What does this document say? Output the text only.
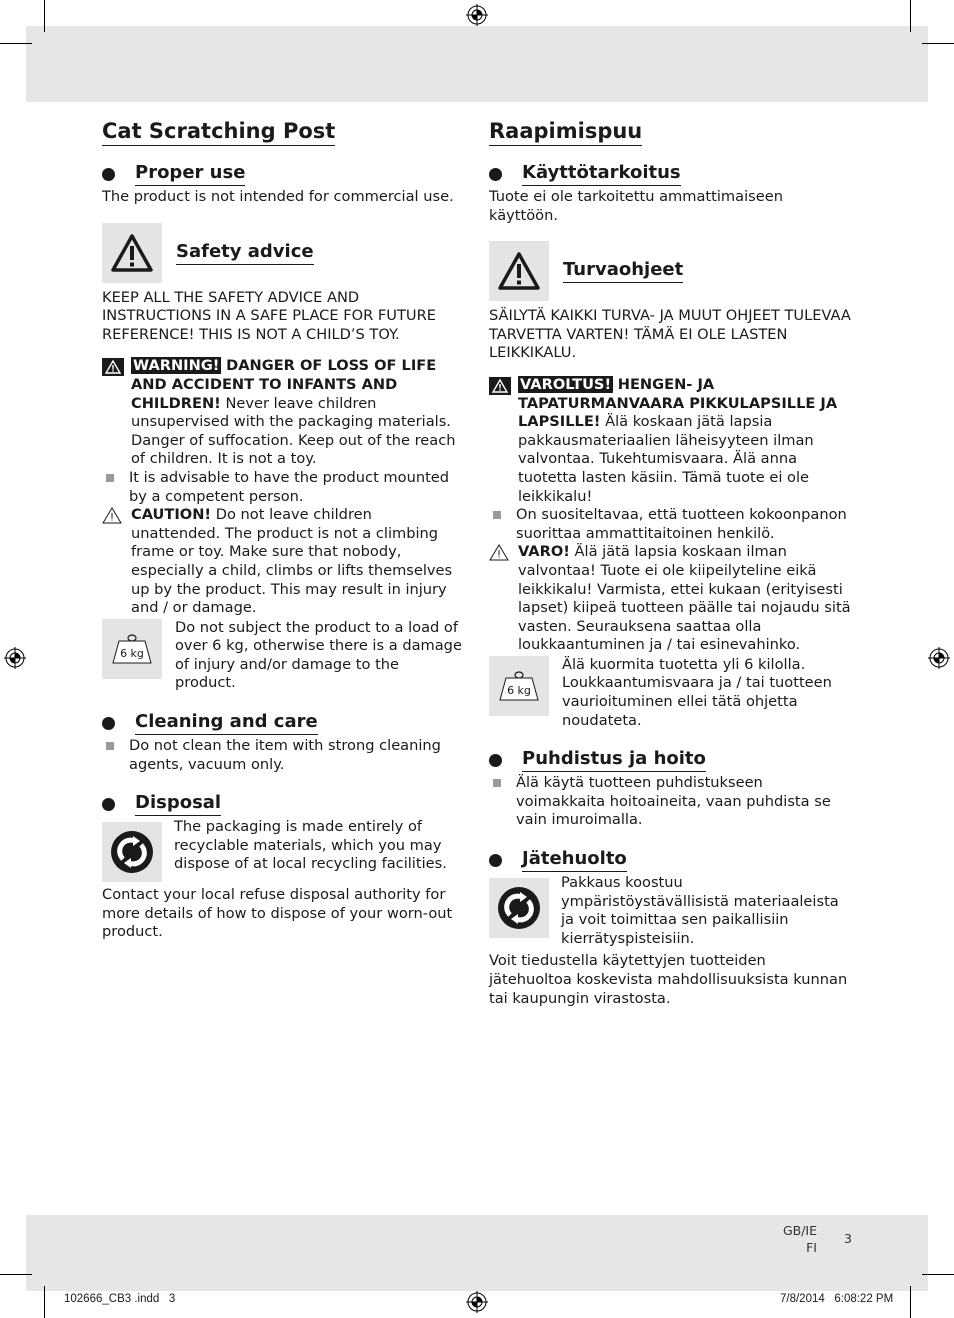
Cat Scratching Post
Proper use

The product is not intended for commercial use.

Safety advice

KEEP ALL THE SAFETY ADVICE AND INSTRUCTIONS IN A SAFE PLACE FOR FUTURE REFERENCE! THIS IS NOT A CHILD’S TOY.

WARNING! DANGER OF LOSS OF LIFE AND ACCIDENT TO INFANTS AND CHILDREN! Never leave children unsupervised with the packaging materials. Danger of suffocation. Keep out of the reach of children. It is not a toy.
It is advisable to have the product mounted by a competent person.
CAUTION! Do not leave children unattended. The product is not a climbing frame or toy. Make sure that nobody, especially a child, climbs or lifts themselves up by the product. This may result in injury and / or damage.
6 kg

Do not subject the product to a load of over 6 kg, otherwise there is a damage of injury and/or damage to the product.

Cleaning and care
Do not clean the item with strong cleaning agents, vacuum only.
Disposal

The packaging is made entirely of recyclable materials, which you may dispose of at local recycling facilities.

Contact your local refuse disposal authority for more details of how to dispose of your worn-out product.

Raapimispuu
Käyttötarkoitus

Tuote ei ole tarkoitettu ammattimaiseen käyttöön.

Turvaohjeet

SÄILYTÄ KAIKKI TURVA- JA MUUT OHJEET TULEVAA TARVETTA VARTEN! TÄMÄ EI OLE LASTEN LEIKKIKALU.

VAROLTUS! HENGEN- JA TAPATURMANVAARA PIKKULAPSILLE JA LAPSILLE! Älä koskaan jätä lapsia pakkausmateriaalien läheisyyteen ilman valvontaa. Tukehtumisvaara. Älä anna tuotetta lasten käsiin. Tämä tuote ei ole leikkikalu!
On suositeltavaa, että tuotteen kokoonpanon suorittaa ammattitaitoinen henkilö.
VARO! Älä jätä lapsia koskaan ilman valvontaa! Tuote ei ole kiipeilyteline eikä leikkikalu! Varmista, ettei kukaan (erityisesti lapset) kiipeä tuotteen päälle tai nojaudu sitä vasten. Seurauksena saattaa olla loukkaantuminen ja / tai esinevahinko.
6 kg

Älä kuormita tuotetta yli 6 kilolla. Loukkaantumisvaara ja / tai tuotteen vaurioituminen ellei tätä ohjetta noudateta.

Puhdistus ja hoito
Älä käytä tuotteen puhdistukseen voimakkaita hoitoaineita, vaan puhdista se vain imuroimalla.
Jätehuolto

Pakkaus koostuu ympäristöystävällisistä materiaaleista ja voit toimittaa sen paikallisiin kierrätyspisteisiin.

Voit tiedustella käytettyjen tuotteiden jätehuoltoa koskevista mahdollisuuksista kunnan tai kaupungin virastosta.

GB/IE
FI
3
102666_CB3 .indd   3	7/8/2014   6:08:22 PM
